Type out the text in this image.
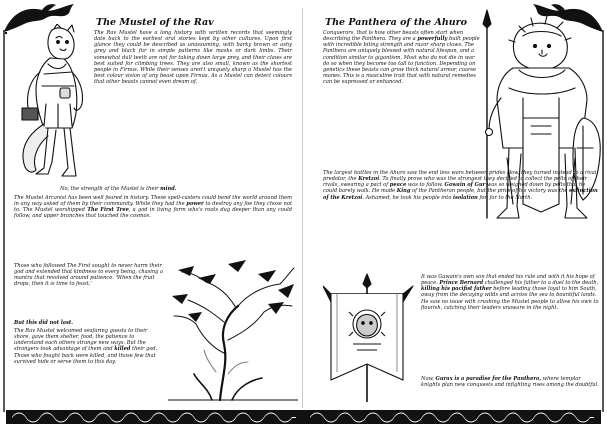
The Mustel of the Rav
The Rav Mustel have a long history with written records that seemingly date back to the earliest oral stories kept by other cultures. Upon first glance they could be described as unassuming, with barky brown or ashy grey and black fur in simple patterns like masks or dark limbs. Their somewhat dull teeth are not for taking down large prey, and their claws are best suited for climbing trees. They are also small, known as the shortest people in Firnus. While their senses aren't uniquely sharp a Mustel has the best colour vision of any beast upon Firnus. As a Mustel can detect colours that other beasts cannot even dream of.
No, the strength of the Mustel is their mind.
The Mustel Arcanist has been well feared in history. These spell-casters could bend the world around them in any way asked of them by their community. While they had the power to destroy any foe they chose not to. The Mustel worshipped The First Tree, a god in living form who's roots dug deeper than any could follow, and upper branches that touched the cosmos.
Those who followed The First sought to never harm their god and extended that kindness to every being, chasing a mantra that revolved around patience. 'When the fruit drops, then it is time to feast.'
But this did not last.
The Rav Mustel welcomed seafaring guests to their shore, gave them shelter, food, the patience to understand each others strange new ways. But the strangers took advantage of them and killed their god. Those who fought back were killed, and those few that survived hide or serve them to this day.
The Panthera of the Ahuro
Conquerors, that is how other beasts often start when describing the Panthera. They are a powerfully built people with incredible biting strength and razor sharp claws. The Panthera are uniquely blessed with natural lifespan, and a condition similar to gigantism. Most who do not die in war do so when they become too tall to function. Depending on genetics these beasts can grow thick natural armor, coarse manes. This is a masculine trait that with natural remedies can be supressed or enhanced.
The largest battles in the Ahuro saw the end less wars between prides slow, they turned instead to a rival predator, the Kretzoi. To finally prove who was the strongest they decided to collect the pelts of their rivals, swearing a pact of peace was to follow. Gawain of Gur was so weighed down by pelts that he could barely walk. He made King of the Pantheran people, but the price of his victory was the extinction of the Kretzoi. Ashamed, he took his people into isolation for, far to the North.
It was Gawain's own son that ended his rule and with it his hope of peace. Prince Bernard challenged his father to a duel to the death, killing his pacifist father before leading those loyal to him South, away from the decaying wilds and across the sea to bountiful lands. He saw no issue with crushing the Mustel people to allow his own to flourish, catching their leaders unaware in the night.
Now, Gurax is a paradise for the Panthera, where templar knights plan new conquests and infighting rises among the doubtful.
